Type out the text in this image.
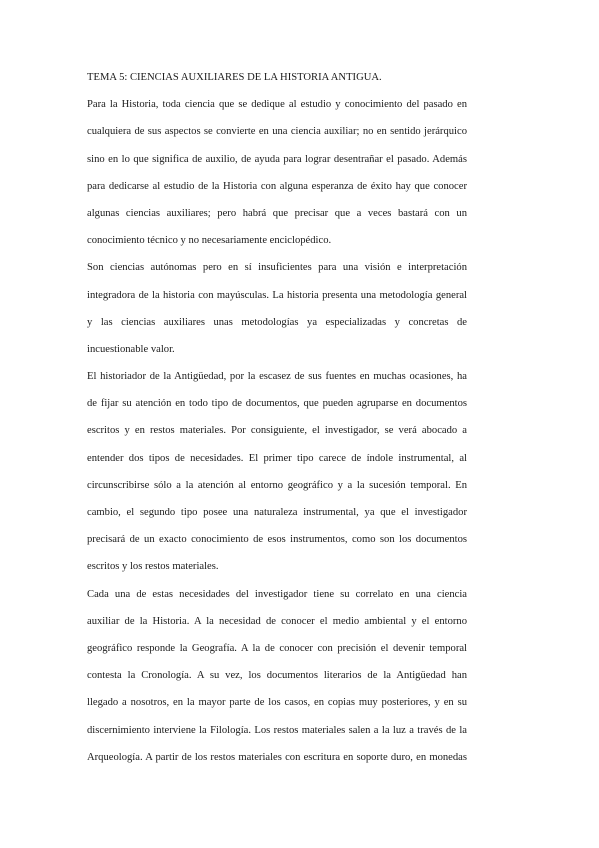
TEMA 5: CIENCIAS AUXILIARES DE LA HISTORIA ANTIGUA.
Para la Historia, toda ciencia que se dedique al estudio y conocimiento del pasado en
cualquiera de sus aspectos se convierte en una ciencia auxiliar; no en sentido jerárquico
sino en lo que significa de auxilio, de ayuda para lograr desentrañar el pasado. Además
para dedicarse al estudio de la Historia con alguna esperanza de éxito hay que conocer
algunas ciencias auxiliares; pero habrá que precisar que a veces bastará con un
conocimiento técnico y no necesariamente enciclopédico.
Son ciencias autónomas pero en sí insuficientes para una visión e interpretación
integradora de la historia con mayúsculas. La historia presenta una metodología general
y las ciencias auxiliares unas metodologías ya especializadas y concretas de
incuestionable valor.
El historiador de la Antigüedad, por la escasez de sus fuentes en muchas ocasiones, ha
de fijar su atención en todo tipo de documentos, que pueden agruparse en documentos
escritos y en restos materiales. Por consiguiente, el investigador, se verá abocado a
entender dos tipos de necesidades. El primer tipo carece de índole instrumental, al
circunscribirse sólo a la atención al entorno geográfico y a la sucesión temporal. En
cambio, el segundo tipo posee una naturaleza instrumental, ya que el investigador
precisará de un exacto conocimiento de esos instrumentos, como son los documentos
escritos y los restos materiales.
Cada una de estas necesidades del investigador tiene su correlato en una ciencia
auxiliar de la Historia. A la necesidad de conocer el medio ambiental y el entorno
geográfico responde la Geografía. A la de conocer con precisión el devenir temporal
contesta la Cronología. A su vez, los documentos literarios de la Antigüedad han
llegado a nosotros, en la mayor parte de los casos, en copias muy posteriores, y en su
discernimiento interviene la Filología. Los restos materiales salen a la luz a través de la
Arqueología. A partir de los restos materiales con escritura en soporte duro, en monedas
